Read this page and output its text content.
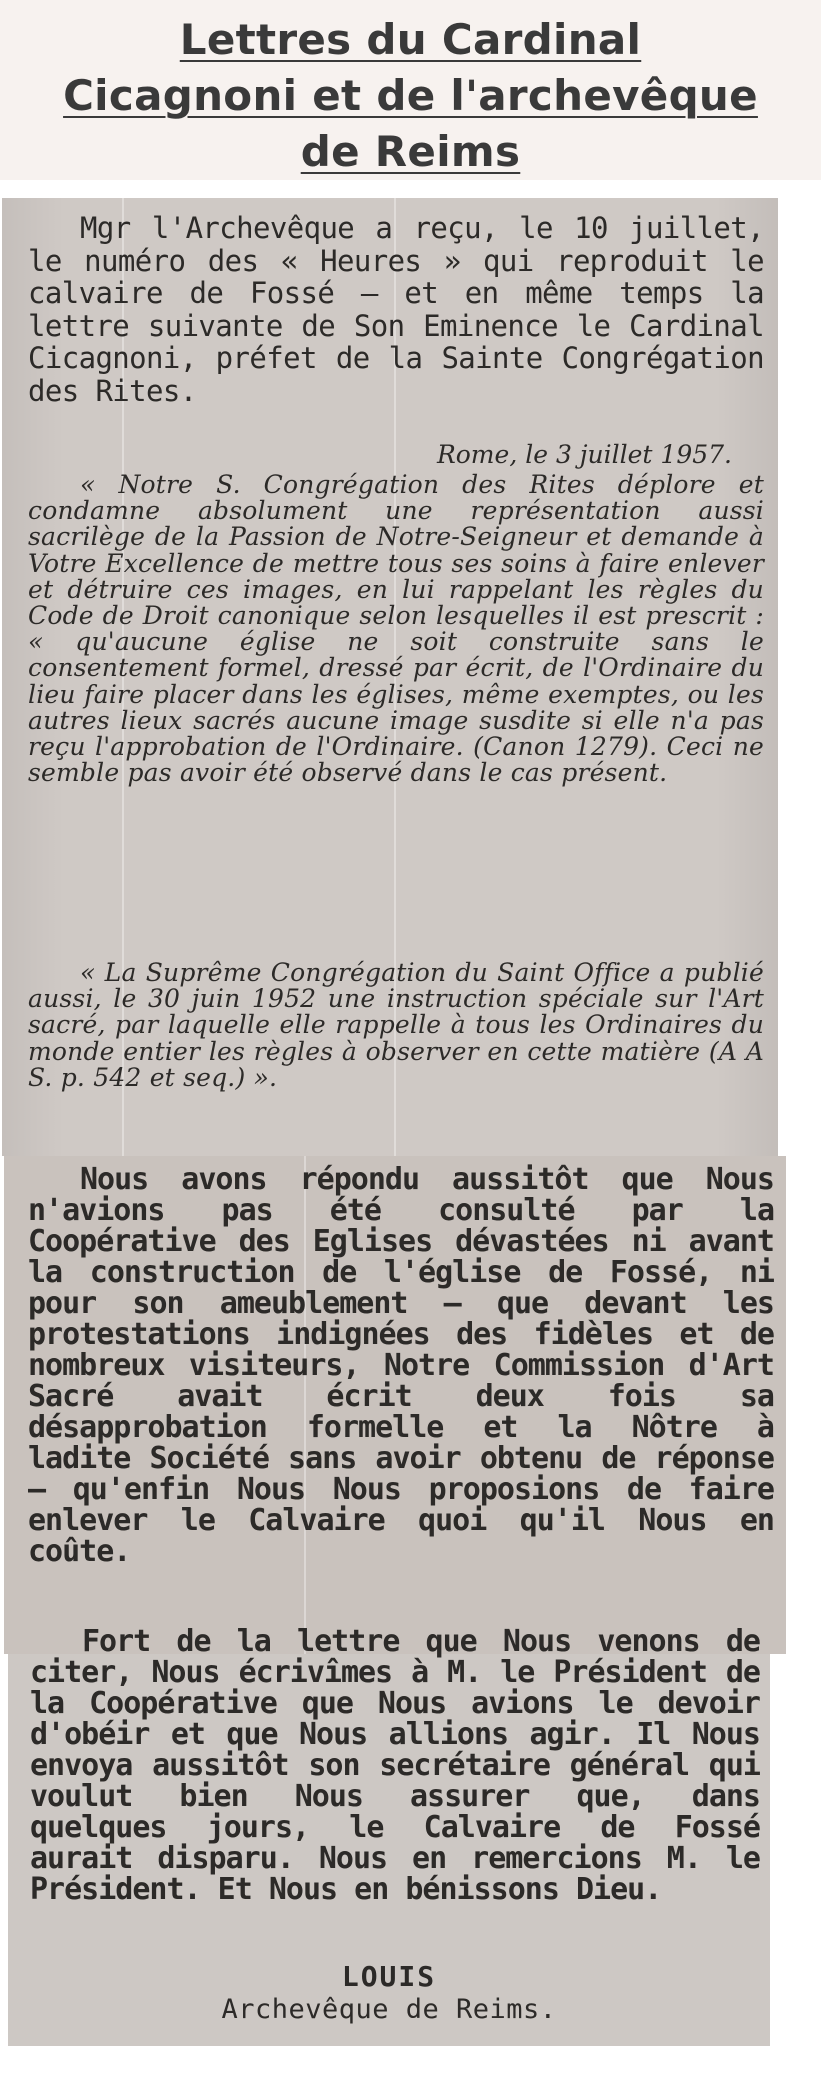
Lettres du Cardinal
Cicagnoni et de l'archevêque
de Reims

Mgr l'Archevêque a reçu, le 10 juillet, le numéro des « Heures » qui reproduit le calvaire de Fossé — et en même temps la lettre suivante de Son Eminence le Cardinal Cicagnoni, préfet de la Sainte Congrégation des Rites.

Rome, le 3 juillet 1957.

« Notre S. Congrégation des Rites déplore et condamne absolument une représentation aussi sacrilège de la Passion de Notre-Seigneur et demande à Votre Excellence de mettre tous ses soins à faire enlever et détruire ces images, en lui rappelant les règles du Code de Droit canonique selon lesquelles il est prescrit : « qu'aucune église ne soit construite sans le consentement formel, dressé par écrit, de l'Ordinaire du lieu faire placer dans les églises, même exemptes, ou les autres lieux sacrés aucune image susdite si elle n'a pas reçu l'approbation de l'Ordinaire. (Canon 1279). Ceci ne semble pas avoir été observé dans le cas présent.

« La Suprême Congrégation du Saint Office a publié aussi, le 30 juin 1952 une instruction spéciale sur l'Art sacré, par laquelle elle rappelle à tous les Ordinaires du monde entier les règles à observer en cette matière (A A S. p. 542 et seq.) ».

Nous avons répondu aussitôt que Nous n'avions pas été consulté par la Coopérative des Eglises dévastées ni avant la construction de l'église de Fossé, ni pour son ameublement — que devant les protestations indignées des fidèles et de nombreux visiteurs, Notre Commission d'Art Sacré avait écrit deux fois sa désapprobation formelle et la Nôtre à ladite Société sans avoir obtenu de réponse — qu'enfin Nous Nous proposions de faire enlever le Calvaire quoi qu'il Nous en coûte.

Fort de la lettre que Nous venons de citer, Nous écrivîmes à M. le Président de la Coopérative que Nous avions le devoir d'obéir et que Nous allions agir. Il Nous envoya aussitôt son secrétaire général qui voulut bien Nous assurer que, dans quelques jours, le Calvaire de Fossé aurait disparu. Nous en remercions M. le Président. Et Nous en bénissons Dieu.

LOUIS
Archevêque de Reims.
